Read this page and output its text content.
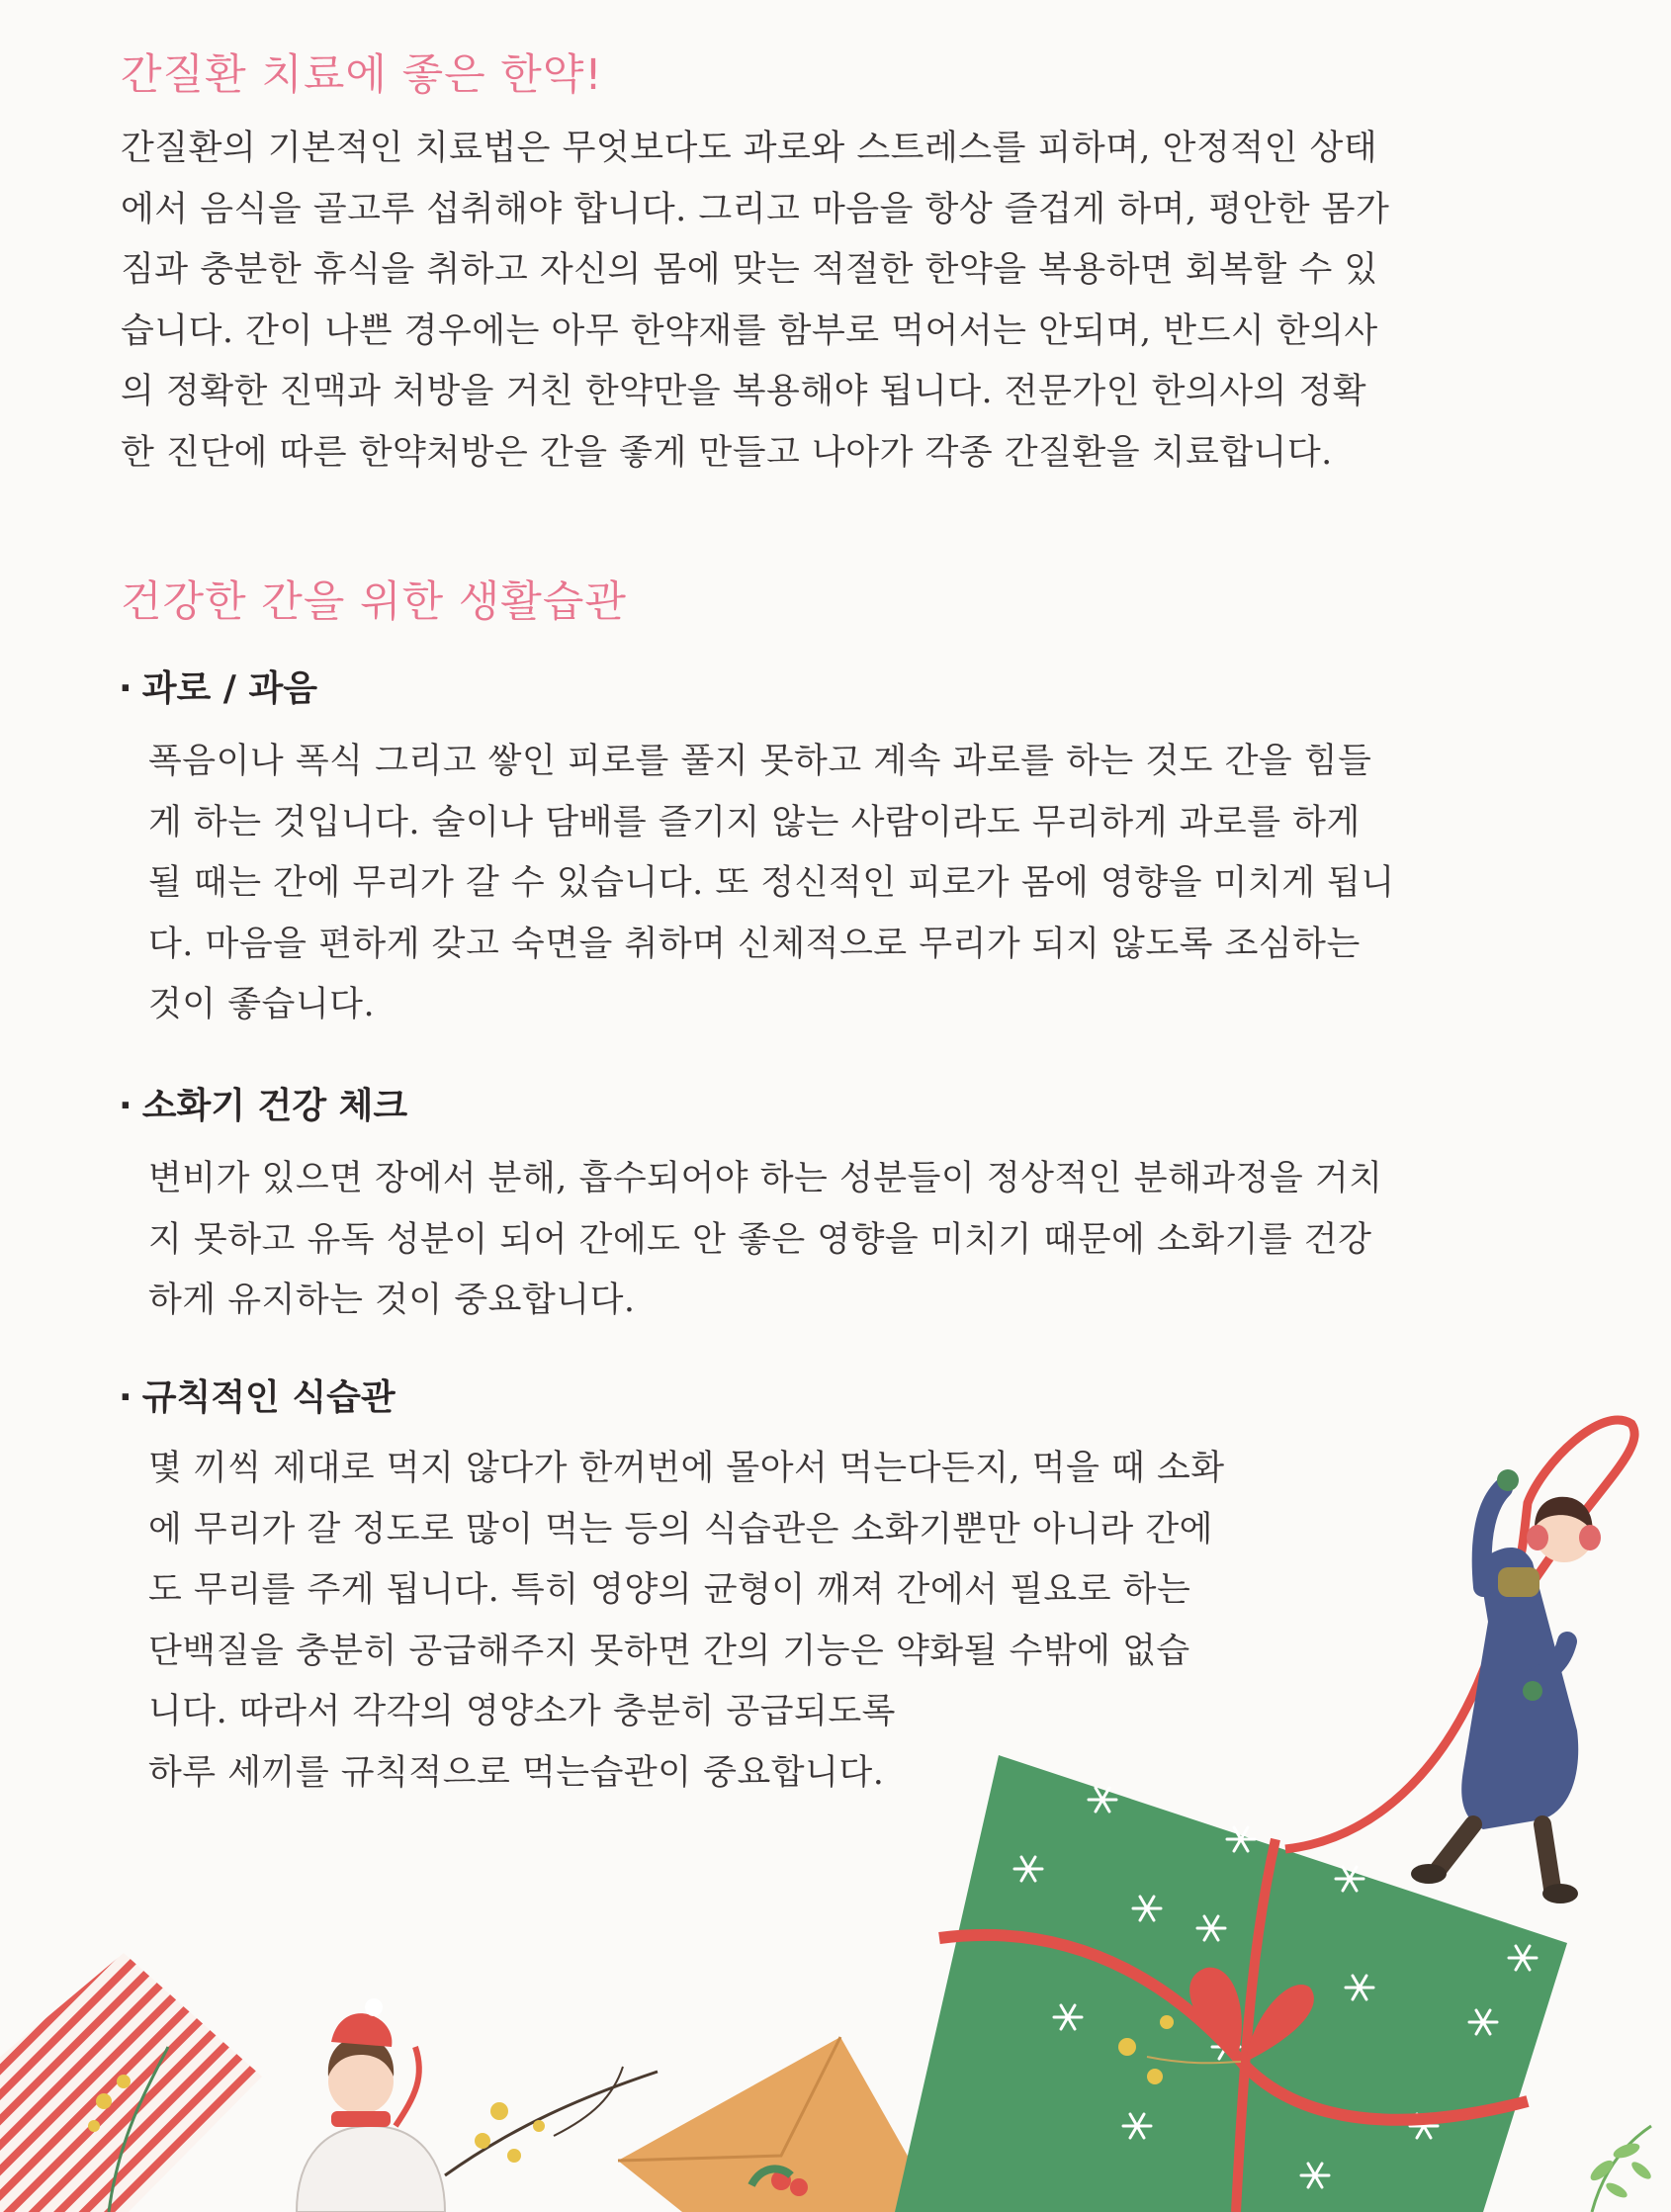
간질환 치료에 좋은 한약!

간질환의 기본적인 치료법은 무엇보다도 과로와 스트레스를 피하며, 안정적인 상태
에서 음식을 골고루 섭취해야 합니다. 그리고 마음을 항상 즐겁게 하며, 평안한 몸가
짐과 충분한 휴식을 취하고 자신의 몸에 맞는 적절한 한약을 복용하면 회복할 수 있
습니다. 간이 나쁜 경우에는 아무 한약재를 함부로 먹어서는 안되며, 반드시 한의사
의 정확한 진맥과 처방을 거친 한약만을 복용해야 됩니다. 전문가인 한의사의 정확
한 진단에 따른 한약처방은 간을 좋게 만들고 나아가 각종 간질환을 치료합니다.

건강한 간을 위한 생활습관
· 과로 / 과음

폭음이나 폭식 그리고 쌓인 피로를 풀지 못하고 계속 과로를 하는 것도 간을 힘들
게 하는 것입니다. 술이나 담배를 즐기지 않는 사람이라도 무리하게 과로를 하게
될 때는 간에 무리가 갈 수 있습니다. 또 정신적인 피로가 몸에 영향을 미치게 됩니
다. 마음을 편하게 갖고 숙면을 취하며 신체적으로 무리가 되지 않도록 조심하는
것이 좋습니다.

· 소화기 건강 체크

변비가 있으면 장에서 분해, 흡수되어야 하는 성분들이 정상적인 분해과정을 거치
지 못하고 유독 성분이 되어 간에도 안 좋은 영향을 미치기 때문에 소화기를 건강
하게 유지하는 것이 중요합니다.

· 규칙적인 식습관

몇 끼씩 제대로 먹지 않다가 한꺼번에 몰아서 먹는다든지, 먹을 때 소화
에 무리가 갈 정도로 많이 먹는 등의 식습관은 소화기뿐만 아니라 간에
도 무리를 주게 됩니다. 특히 영양의 균형이 깨져 간에서 필요로 하는
단백질을 충분히 공급해주지 못하면 간의 기능은 약화될 수밖에 없습
니다. 따라서 각각의 영양소가 충분히 공급되도록
하루 세끼를 규칙적으로 먹는습관이 중요합니다.
